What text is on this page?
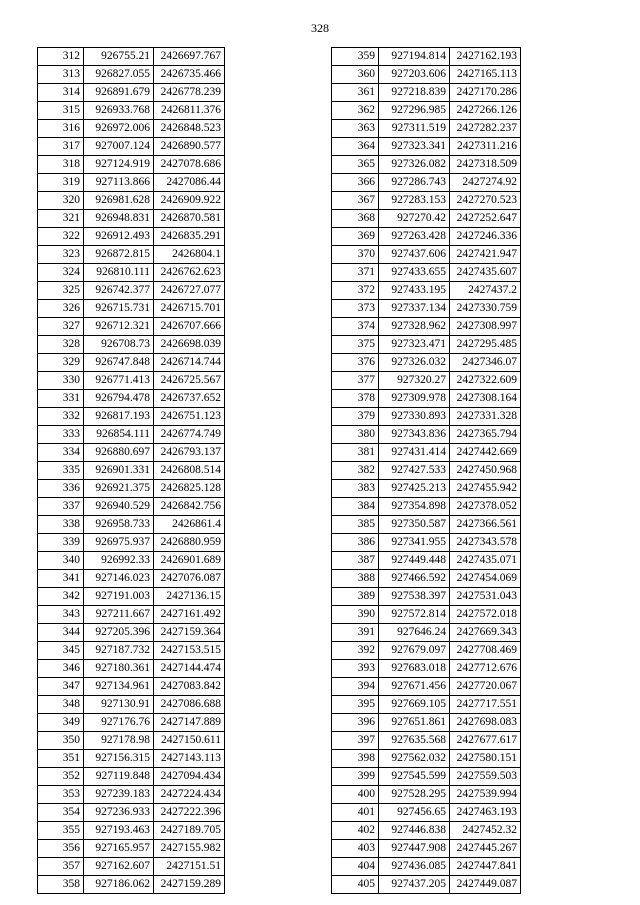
328
312	926755.21	2426697.767
313	926827.055	2426735.466
314	926891.679	2426778.239
315	926933.768	2426811.376
316	926972.006	2426848.523
317	927007.124	2426890.577
318	927124.919	2427078.686
319	927113.866	2427086.44
320	926981.628	2426909.922
321	926948.831	2426870.581
322	926912.493	2426835.291
323	926872.815	2426804.1
324	926810.111	2426762.623
325	926742.377	2426727.077
326	926715.731	2426715.701
327	926712.321	2426707.666
328	926708.73	2426698.039
329	926747.848	2426714.744
330	926771.413	2426725.567
331	926794.478	2426737.652
332	926817.193	2426751.123
333	926854.111	2426774.749
334	926880.697	2426793.137
335	926901.331	2426808.514
336	926921.375	2426825.128
337	926940.529	2426842.756
338	926958.733	2426861.4
339	926975.937	2426880.959
340	926992.33	2426901.689
341	927146.023	2427076.087
342	927191.003	2427136.15
343	927211.667	2427161.492
344	927205.396	2427159.364
345	927187.732	2427153.515
346	927180.361	2427144.474
347	927134.961	2427083.842
348	927130.91	2427086.688
349	927176.76	2427147.889
350	927178.98	2427150.611
351	927156.315	2427143.113
352	927119.848	2427094.434
353	927239.183	2427224.434
354	927236.933	2427222.396
355	927193.463	2427189.705
356	927165.957	2427155.982
357	927162.607	2427151.51
358	927186.062	2427159.289
359	927194.814	2427162.193
360	927203.606	2427165.113
361	927218.839	2427170.286
362	927296.985	2427266.126
363	927311.519	2427282.237
364	927323.341	2427311.216
365	927326.082	2427318.509
366	927286.743	2427274.92
367	927283.153	2427270.523
368	927270.42	2427252.647
369	927263.428	2427246.336
370	927437.606	2427421.947
371	927433.655	2427435.607
372	927433.195	2427437.2
373	927337.134	2427330.759
374	927328.962	2427308.997
375	927323.471	2427295.485
376	927326.032	2427346.07
377	927320.27	2427322.609
378	927309.978	2427308.164
379	927330.893	2427331.328
380	927343.836	2427365.794
381	927431.414	2427442.669
382	927427.533	2427450.968
383	927425.213	2427455.942
384	927354.898	2427378.052
385	927350.587	2427366.561
386	927341.955	2427343.578
387	927449.448	2427435.071
388	927466.592	2427454.069
389	927538.397	2427531.043
390	927572.814	2427572.018
391	927646.24	2427669.343
392	927679.097	2427708.469
393	927683.018	2427712.676
394	927671.456	2427720.067
395	927669.105	2427717.551
396	927651.861	2427698.083
397	927635.568	2427677.617
398	927562.032	2427580.151
399	927545.599	2427559.503
400	927528.295	2427539.994
401	927456.65	2427463.193
402	927446.838	2427452.32
403	927447.908	2427445.267
404	927436.085	2427447.841
405	927437.205	2427449.087
